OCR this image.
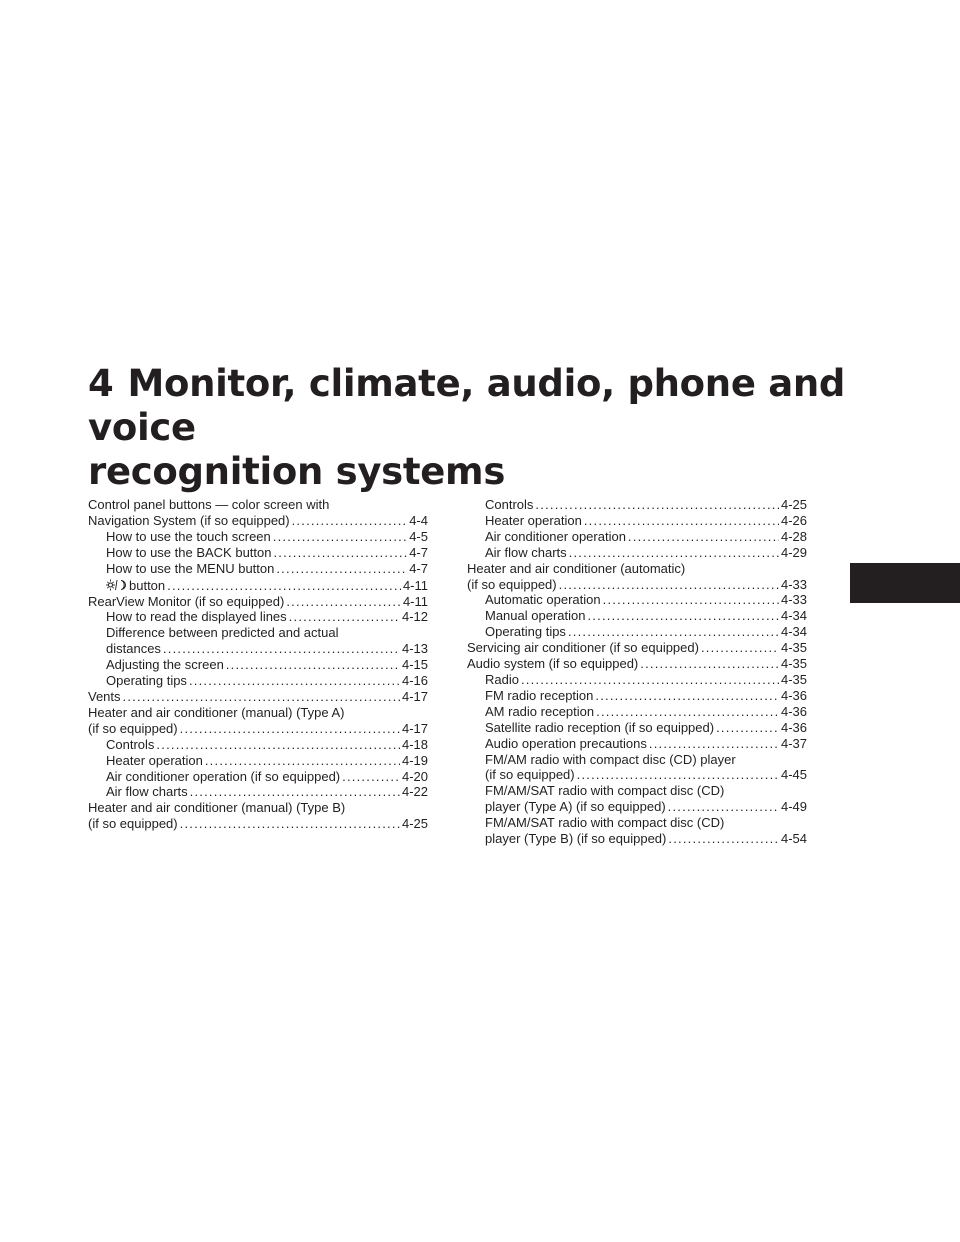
4 Monitor, climate, audio, phone and voice
recognition systems
Control panel buttons — color screen with
Navigation System (if so equipped) . . .	4-4
How to use the touch screen . . .	4-5
How to use the BACK button . . .	4-7
How to use the MENU button . . .	4-7
button . . .	4-11
RearView Monitor (if so equipped) . . .	4-11
How to read the displayed lines . . .	4-12
Difference between predicted and actual
distances . . .	4-13
Adjusting the screen . . .	4-15
Operating tips . . .	4-16
Vents . . .	4-17
Heater and air conditioner (manual) (Type A)
(if so equipped) . . .	4-17
Controls . . .	4-18
Heater operation . . .	4-19
Air conditioner operation (if so equipped) . . .	4-20
Air flow charts . . .	4-22
Heater and air conditioner (manual) (Type B)
(if so equipped) . . .	4-25
Controls . . .	4-25
Heater operation . . .	4-26
Air conditioner operation . . .	4-28
Air flow charts . . .	4-29
Heater and air conditioner (automatic)
(if so equipped) . . .	4-33
Automatic operation . . .	4-33
Manual operation . . .	4-34
Operating tips . . .	4-34
Servicing air conditioner (if so equipped) . . .	4-35
Audio system (if so equipped) . . .	4-35
Radio . . .	4-35
FM radio reception . . .	4-36
AM radio reception . . .	4-36
Satellite radio reception (if so equipped) . . .	4-36
Audio operation precautions . . .	4-37
FM/AM radio with compact disc (CD) player
(if so equipped) . . .	4-45
FM/AM/SAT radio with compact disc (CD)
player (Type A) (if so equipped) . . .	4-49
FM/AM/SAT radio with compact disc (CD)
player (Type B) (if so equipped) . . .	4-54
